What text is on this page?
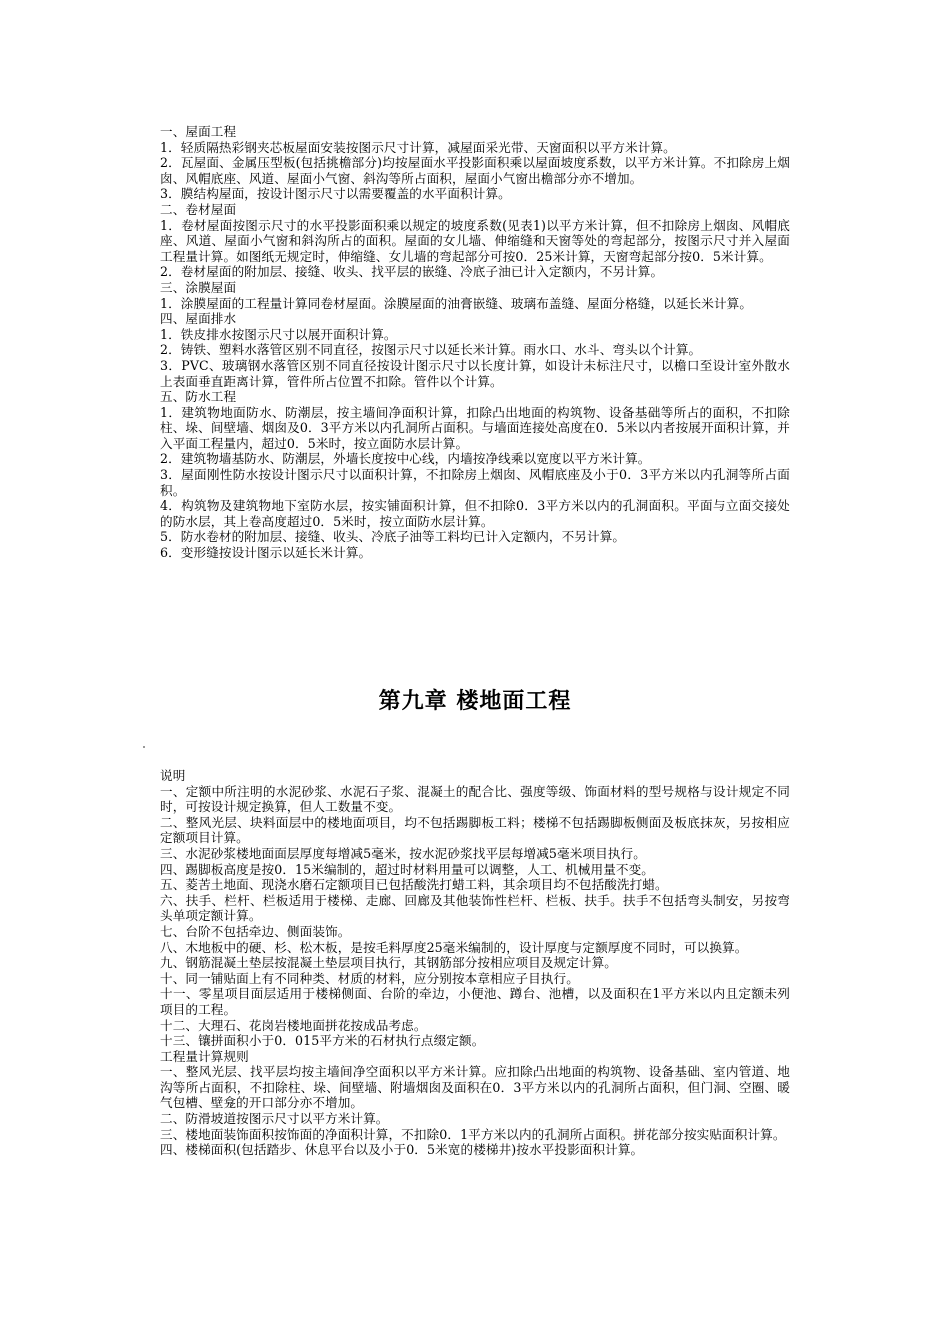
一、屋面工程

1．轻质隔热彩钢夹芯板屋面安装按图示尺寸计算，减屋面采光带、天窗面积以平方米计算。

2．瓦屋面、金属压型板(包括挑檐部分)均按屋面水平投影面积乘以屋面坡度系数，以平方米计算。不扣除房上烟囱、风帽底座、风道、屋面小气窗、斜沟等所占面积，屋面小气窗出檐部分亦不增加。

3．膜结构屋面，按设计图示尺寸以需要覆盖的水平面积计算。

二、卷材屋面

1．卷材屋面按图示尺寸的水平投影面积乘以规定的坡度系数(见表1)以平方米计算，但不扣除房上烟囱、风帽底座、风道、屋面小气窗和斜沟所占的面积。屋面的女儿墙、伸缩缝和天窗等处的弯起部分，按图示尺寸并入屋面工程量计算。如图纸无规定时，伸缩缝、女儿墙的弯起部分可按0．25米计算，天窗弯起部分按0．5米计算。

2．卷材屋面的附加层、接缝、收头、找平层的嵌缝、冷底子油已计入定额内，不另计算。

三、涂膜屋面

1．涂膜屋面的工程量计算同卷材屋面。涂膜屋面的油膏嵌缝、玻璃布盖缝、屋面分格缝，以延长米计算。

四、屋面排水

1．铁皮排水按图示尺寸以展开面积计算。

2．铸铁、塑料水落管区别不同直径，按图示尺寸以延长米计算。雨水口、水斗、弯头以个计算。

3．PVC、玻璃钢水落管区别不同直径按设计图示尺寸以长度计算，如设计未标注尺寸，以檐口至设计室外散水上表面垂直距离计算，管件所占位置不扣除。管件以个计算。

五、防水工程

1．建筑物地面防水、防潮层，按主墙间净面积计算，扣除凸出地面的构筑物、设备基础等所占的面积，不扣除柱、垛、间壁墙、烟囱及0．3平方米以内孔洞所占面积。与墙面连接处高度在0．5米以内者按展开面积计算，并入平面工程量内，超过0．5米时，按立面防水层计算。

2．建筑物墙基防水、防潮层，外墙长度按中心线，内墙按净线乘以宽度以平方米计算。

3．屋面刚性防水按设计图示尺寸以面积计算，不扣除房上烟囱、风帽底座及小于0．3平方米以内孔洞等所占面积。

4．构筑物及建筑物地下室防水层，按实铺面积计算，但不扣除0．3平方米以内的孔洞面积。平面与立面交接处的防水层，其上卷高度超过0．5米时，按立面防水层计算。

5．防水卷材的附加层、接缝、收头、冷底子油等工料均已计入定额内，不另计算。

6．变形缝按设计图示以延长米计算。

第九章 楼地面工程

说明

一、定额中所注明的水泥砂浆、水泥石子浆、混凝土的配合比、强度等级、饰面材料的型号规格与设计规定不同时，可按设计规定换算，但人工数量不变。

二、整风光层、块料面层中的楼地面项目，均不包括踢脚板工料；楼梯不包括踢脚板侧面及板底抹灰，另按相应定额项目计算。

三、水泥砂浆楼地面面层厚度每增减5毫米，按水泥砂浆找平层每增减5毫米项目执行。

四、踢脚板高度是按0．15米编制的，超过时材料用量可以调整，人工、机械用量不变。

五、菱苦土地面、现浇水磨石定额项目已包括酸洗打蜡工料，其余项目均不包括酸洗打蜡。

六、扶手、栏杆、栏板适用于楼梯、走廊、回廊及其他装饰性栏杆、栏板、扶手。扶手不包括弯头制安，另按弯头单项定额计算。

七、台阶不包括牵边、侧面装饰。

八、木地板中的硬、杉、松木板，是按毛料厚度25毫米编制的，设计厚度与定额厚度不同时，可以换算。

九、钢筋混凝土垫层按混凝土垫层项目执行，其钢筋部分按相应项目及规定计算。

十、同一铺贴面上有不同种类、材质的材料，应分别按本章相应子目执行。

十一、零星项目面层适用于楼梯侧面、台阶的牵边，小便池、蹲台、池槽，以及面积在1平方米以内且定额未列项目的工程。

十二、大理石、花岗岩楼地面拼花按成品考虑。

十三、镶拼面积小于0．015平方米的石材执行点缀定额。

工程量计算规则

一、整风光层、找平层均按主墙间净空面积以平方米计算。应扣除凸出地面的构筑物、设备基础、室内管道、地沟等所占面积，不扣除柱、垛、间壁墙、附墙烟囱及面积在0．3平方米以内的孔洞所占面积，但门洞、空圈、暖气包槽、壁龛的开口部分亦不增加。

二、防滑坡道按图示尺寸以平方米计算。

三、楼地面装饰面积按饰面的净面积计算，不扣除0．1平方米以内的孔洞所占面积。拼花部分按实贴面积计算。

四、楼梯面积(包括踏步、休息平台以及小于0．5米宽的楼梯井)按水平投影面积计算。
